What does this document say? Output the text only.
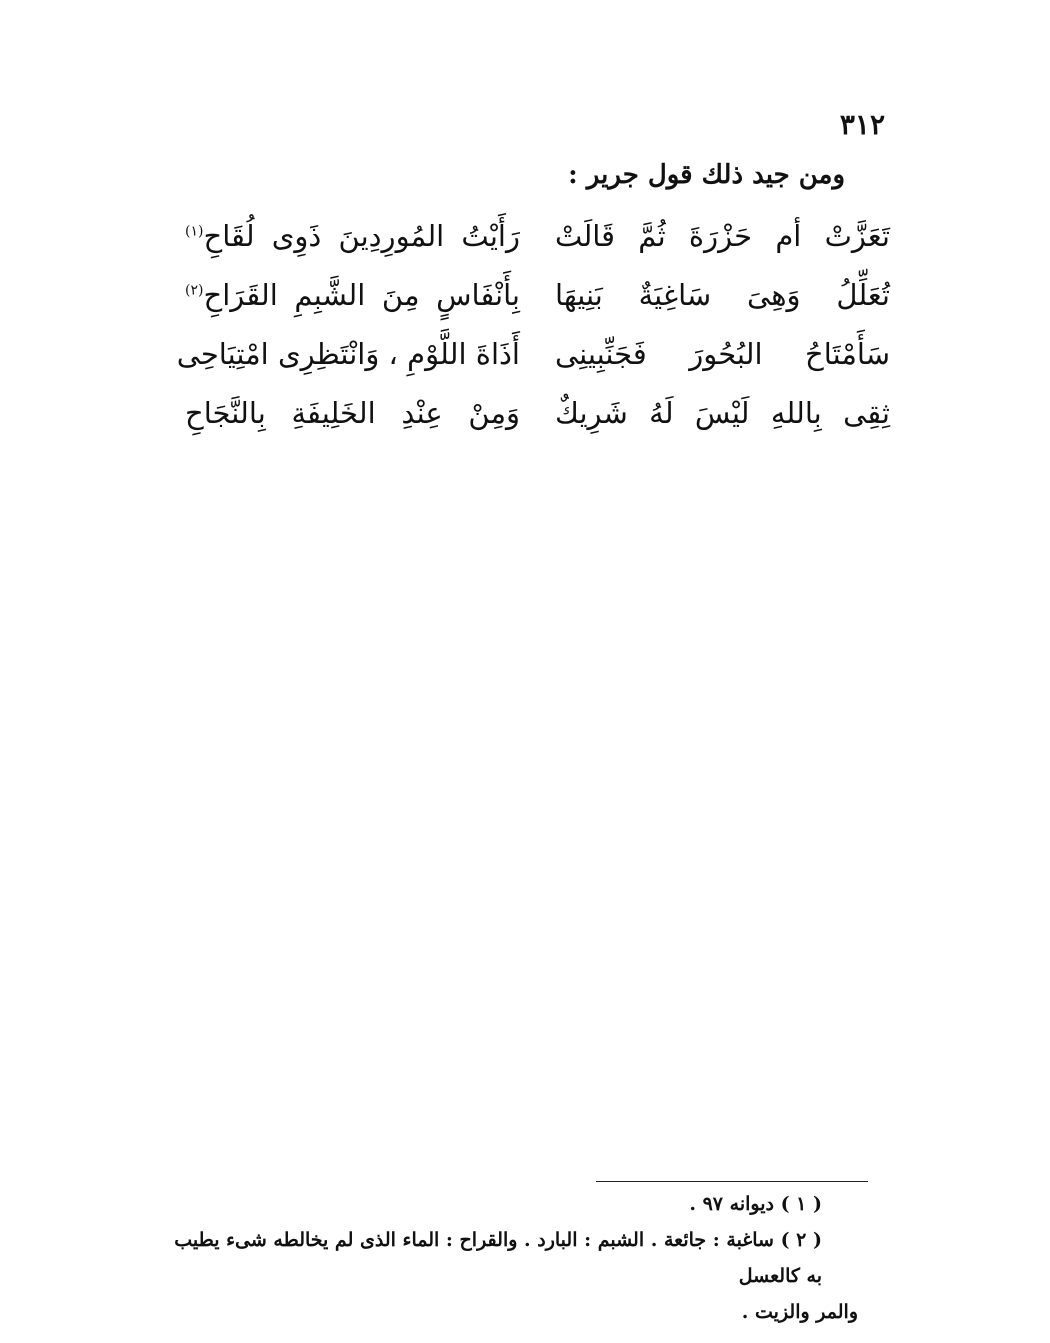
٣١٢
ومن جيد ذلك قول جرير :
تَعَزَّتْ أم حَزْرَةَ ثُمَّ قَالَتْ
رَأَيْتُ المُورِدِينَ ذَوِى لُقَاحِ$^{(١)}$
تُعَلِّلُ وَهِىَ سَاغِيَةٌ بَنِيهَا
بِأَنْفَاسٍ مِنَ الشَّبِمِ القَرَاحِ$^{(٢)}$
سَأَمْتَاحُ البُحُورَ فَجَنِّبِينِى
أَذَاةَ اللَّوْمِ ، وَانْتَظِرِى امْتِيَاحِى
ثِقِى بِاللهِ لَيْسَ لَهُ شَرِيكٌ
وَمِنْ عِنْدِ الخَلِيفَةِ بِالنَّجَاحِ
( ١ ) ديوانه ٩٧ .
( ٢ ) ساغبة : جائعة . الشبم : البارد . والقراح : الماء الذى لم يخالطه شىء يطيب به كالعسل
والمر والزيت .
